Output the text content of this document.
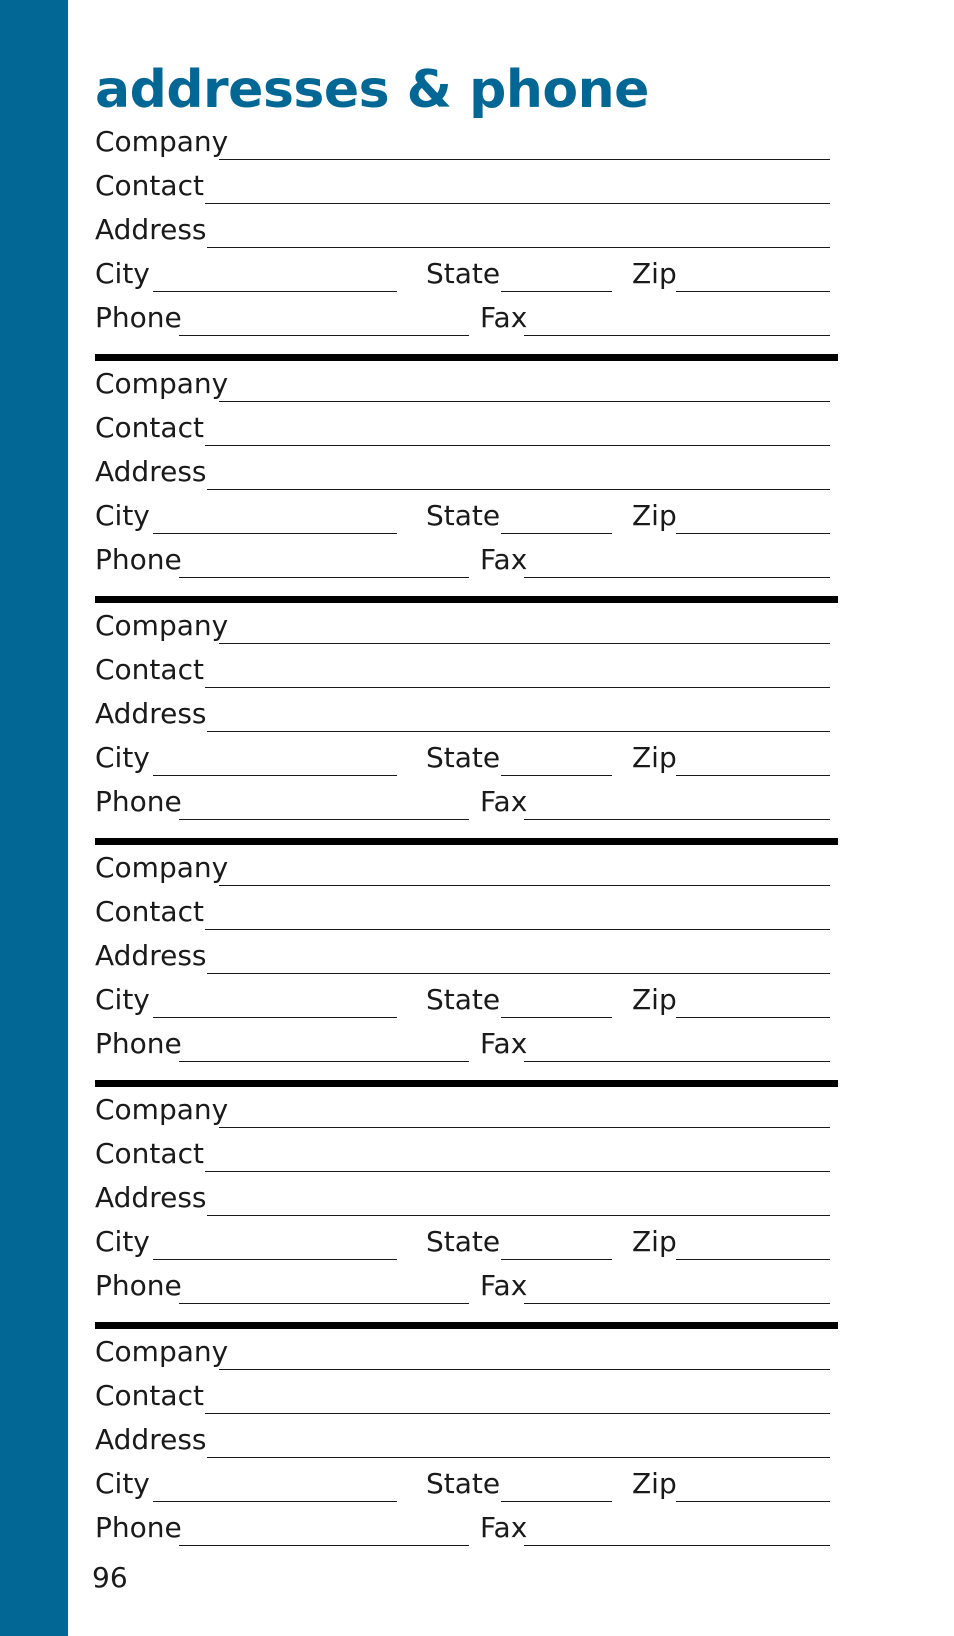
addresses & phone
Company
Contact
Address
City	State	Zip
Phone	Fax
Company
Contact
Address
City	State	Zip
Phone	Fax
Company
Contact
Address
City	State	Zip
Phone	Fax
Company
Contact
Address
City	State	Zip
Phone	Fax
Company
Contact
Address
City	State	Zip
Phone	Fax
Company
Contact
Address
City	State	Zip
Phone	Fax
96
